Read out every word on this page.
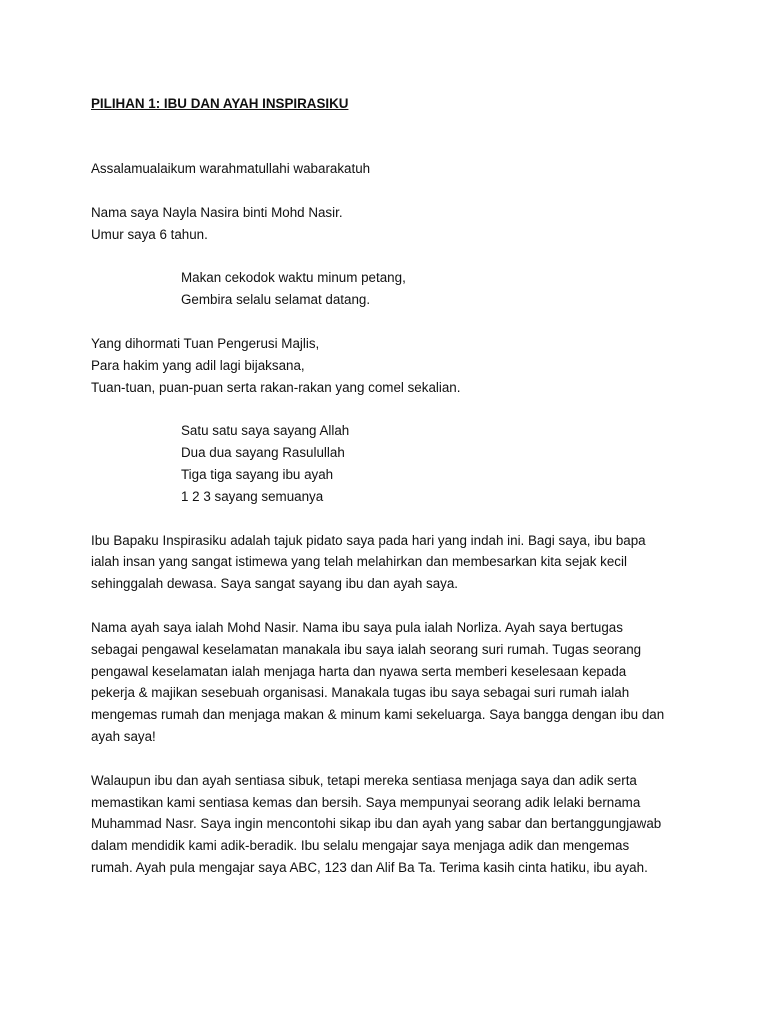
PILIHAN 1: IBU DAN AYAH INSPIRASIKU

Assalamualaikum warahmatullahi wabarakatuh

Nama saya Nayla Nasira binti Mohd Nasir.

Umur saya 6 tahun.

Makan cekodok waktu minum petang,

Gembira selalu selamat datang.

Yang dihormati Tuan Pengerusi Majlis,

Para hakim yang adil lagi bijaksana,

Tuan-tuan, puan-puan serta rakan-rakan yang comel sekalian.

Satu satu saya sayang Allah

Dua dua sayang Rasulullah

Tiga tiga sayang ibu ayah

1 2 3 sayang semuanya

Ibu Bapaku Inspirasiku adalah tajuk pidato saya pada hari yang indah ini. Bagi saya, ibu bapa

ialah insan yang sangat istimewa yang telah melahirkan dan membesarkan kita sejak kecil

sehinggalah dewasa. Saya sangat sayang ibu dan ayah saya.

Nama ayah saya ialah Mohd Nasir. Nama ibu saya pula ialah Norliza. Ayah saya bertugas

sebagai pengawal keselamatan manakala ibu saya ialah seorang suri rumah. Tugas seorang

pengawal keselamatan ialah menjaga harta dan nyawa serta memberi keselesaan kepada

pekerja & majikan sesebuah organisasi. Manakala tugas ibu saya sebagai suri rumah ialah

mengemas rumah dan menjaga makan & minum kami sekeluarga. Saya bangga dengan ibu dan

ayah saya!

Walaupun ibu dan ayah sentiasa sibuk, tetapi mereka sentiasa menjaga saya dan adik serta

memastikan kami sentiasa kemas dan bersih. Saya mempunyai seorang adik lelaki bernama

Muhammad Nasr. Saya ingin mencontohi sikap ibu dan ayah yang sabar dan bertanggungjawab

dalam mendidik kami adik-beradik. Ibu selalu mengajar saya menjaga adik dan mengemas

rumah. Ayah pula mengajar saya ABC, 123 dan Alif Ba Ta. Terima kasih cinta hatiku, ibu ayah.
